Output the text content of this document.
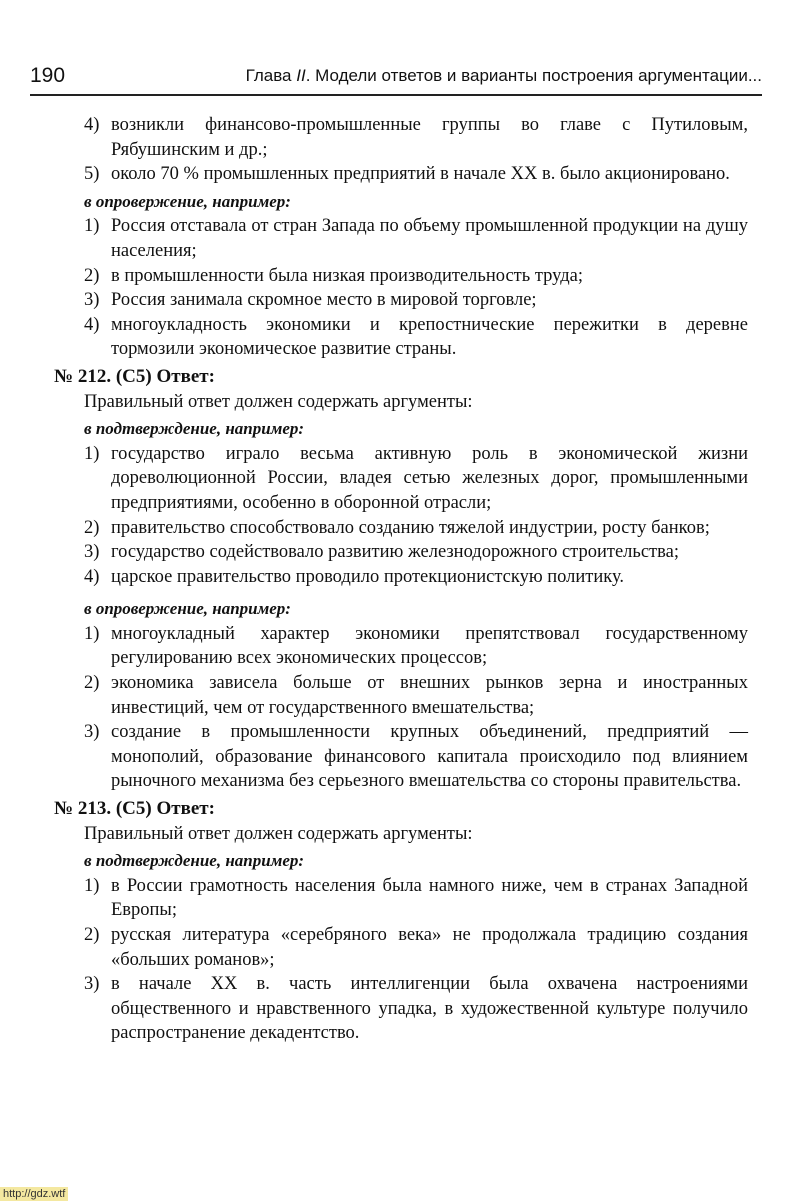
190	Глава II. Модели ответов и варианты построения аргументации...

4) возникли финансово-промышленные группы во главе с Путиловым, Рябушинским и др.;

5) около 70 % промышленных предприятий в начале XX в. было акционировано.

в опровержение, например:

1) Россия отставала от стран Запада по объему промышленной продукции на душу населения;

2) в промышленности была низкая производительность труда;

3) Россия занимала скромное место в мировой торговле;

4) многоукладность экономики и крепостнические пережитки в деревне тормозили экономическое развитие страны.

№ 212. (С5) Ответ:
Правильный ответ должен содержать аргументы:
в подтверждение, например:

1) государство играло весьма активную роль в экономической жизни дореволюционной России, владея сетью железных дорог, промышленными предприятиями, особенно в оборонной отрасли;

2) правительство способствовало созданию тяжелой индустрии, росту банков;

3) государство содействовало развитию железнодорожного строительства;

4) царское правительство проводило протекционистскую политику.

в опровержение, например:

1) многоукладный характер экономики препятствовал государственному регулированию всех экономических процессов;

2) экономика зависела больше от внешних рынков зерна и иностранных инвестиций, чем от государственного вмешательства;

3) создание в промышленности крупных объединений, предприятий — монополий, образование финансового капитала происходило под влиянием рыночного механизма без серьезного вмешательства со стороны правительства.

№ 213. (С5) Ответ:
Правильный ответ должен содержать аргументы:
в подтверждение, например:

1) в России грамотность населения была намного ниже, чем в странах Западной Европы;

2) русская литература «серебряного века» не продолжала традицию создания «больших романов»;

3) в начале XX в. часть интеллигенции была охвачена настроениями общественного и нравственного упадка, в художественной культуре получило распространение декадентство.

http://gdz.wtf
